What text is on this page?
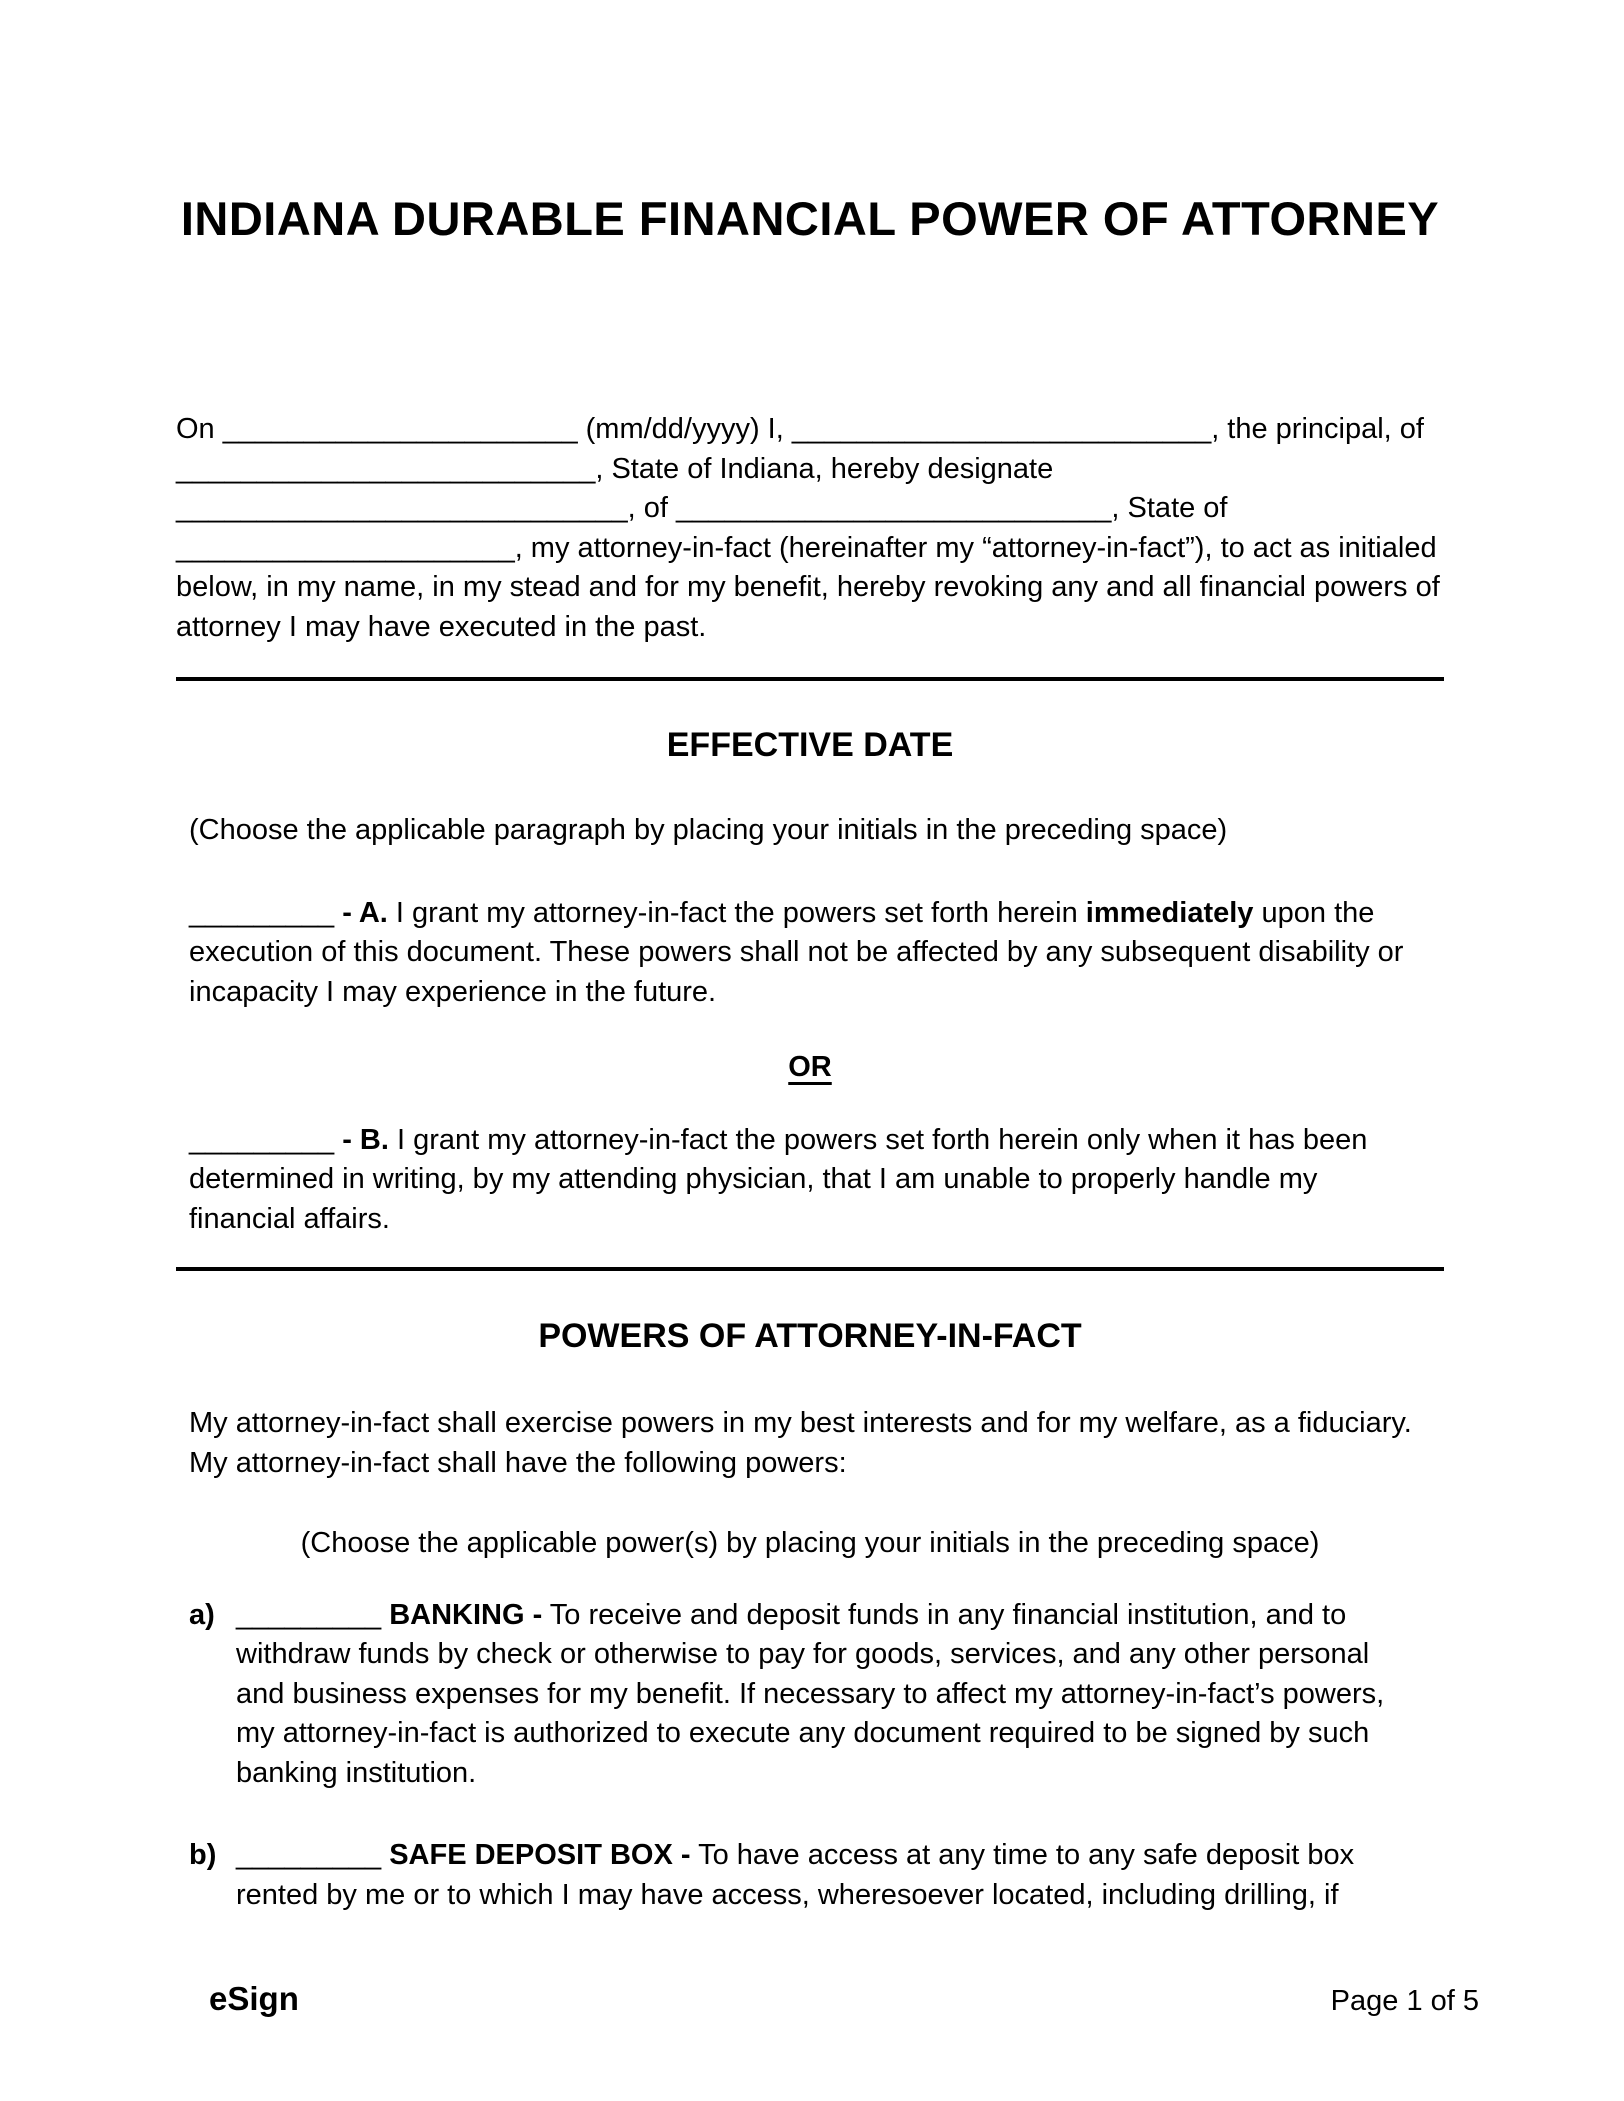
INDIANA DURABLE FINANCIAL POWER OF ATTORNEY
On ______________________ (mm/dd/yyyy) I, __________________________, the principal, of
__________________________, State of Indiana, hereby designate
____________________________, of ___________________________, State of
_____________________, my attorney-in-fact (hereinafter my “attorney-in-fact”), to act as initialed
below, in my name, in my stead and for my benefit, hereby revoking any and all financial powers of
attorney I may have executed in the past.
EFFECTIVE DATE
(Choose the applicable paragraph by placing your initials in the preceding space)
_________ - A. I grant my attorney-in-fact the powers set forth herein immediately upon the
execution of this document. These powers shall not be affected by any subsequent disability or
incapacity I may experience in the future.
OR
_________ - B. I grant my attorney-in-fact the powers set forth herein only when it has been
determined in writing, by my attending physician, that I am unable to properly handle my
financial affairs.
POWERS OF ATTORNEY-IN-FACT
My attorney-in-fact shall exercise powers in my best interests and for my welfare, as a fiduciary.
My attorney-in-fact shall have the following powers:
(Choose the applicable power(s) by placing your initials in the preceding space)
a) _________ BANKING - To receive and deposit funds in any financial institution, and to
withdraw funds by check or otherwise to pay for goods, services, and any other personal
and business expenses for my benefit. If necessary to affect my attorney-in-fact’s powers,
my attorney-in-fact is authorized to execute any document required to be signed by such
banking institution.
b) _________ SAFE DEPOSIT BOX - To have access at any time to any safe deposit box
rented by me or to which I may have access, wheresoever located, including drilling, if
eSign	Page 1 of 5
